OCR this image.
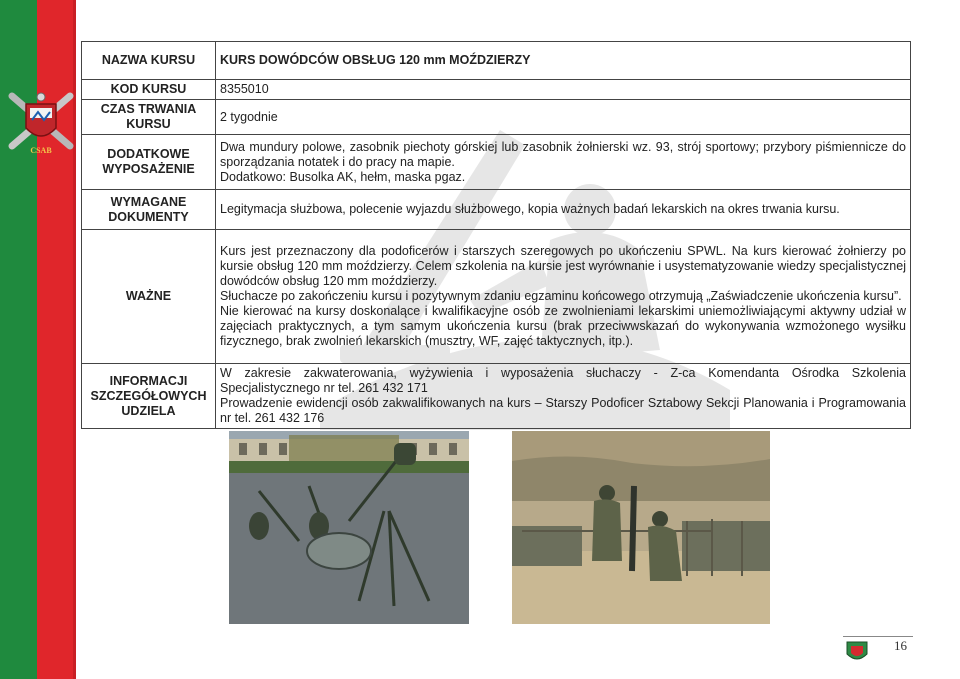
CSAB
NAZWA KURSU	KURS DOWÓDCÓW OBSŁUG 120 mm MOŹDZIERZY
KOD KURSU	8355010
CZAS TRWANIA KURSU	2 tygodnie
DODATKOWE WYPOSAŻENIE	Dwa mundury polowe, zasobnik piechoty górskiej lub zasobnik żołnierski wz. 93, strój sportowy; przybory piśmiennicze do sporządzania notatek i do pracy na mapie.

Dodatkowo: Busolka AK, hełm, maska pgaz.

WYMAGANE DOKUMENTY	Legitymacja służbowa, polecenie wyjazdu służbowego, kopia ważnych badań lekarskich na okres trwania kursu.
WAŻNE	Kurs jest przeznaczony dla podoficerów i starszych szeregowych po ukończeniu SPWL. Na kurs kierować żołnierzy po kursie obsług 120 mm moździerzy. Celem szkolenia na kursie jest wyrównanie i usystematyzowanie wiedzy specjalistycznej dowódców obsług 120 mm moździerzy.

Słuchacze po zakończeniu kursu i pozytywnym zdaniu egzaminu końcowego otrzymują „Zaświadczenie ukończenia kursu”.

Nie kierować na kursy doskonalące i kwalifikacyjne osób ze zwolnieniami lekarskimi uniemożliwiającymi aktywny udział w zajęciach praktycznych, a tym samym ukończenia kursu (brak przeciwwskazań do wykonywania wzmożonego wysiłku fizycznego, brak zwolnień lekarskich (musztry, WF, zajęć taktycznych, itp.).

INFORMACJI SZCZEGÓŁOWYCH UDZIELA	W zakresie zakwaterowania, wyżywienia i wyposażenia słuchaczy - Z-ca Komendanta Ośrodka Szkolenia Specjalistycznego nr tel. 261 432 171

Prowadzenie ewidencji osób zakwalifikowanych na kurs – Starszy Podoficer Sztabowy Sekcji Planowania i Programowania nr tel. 261 432 176

16
